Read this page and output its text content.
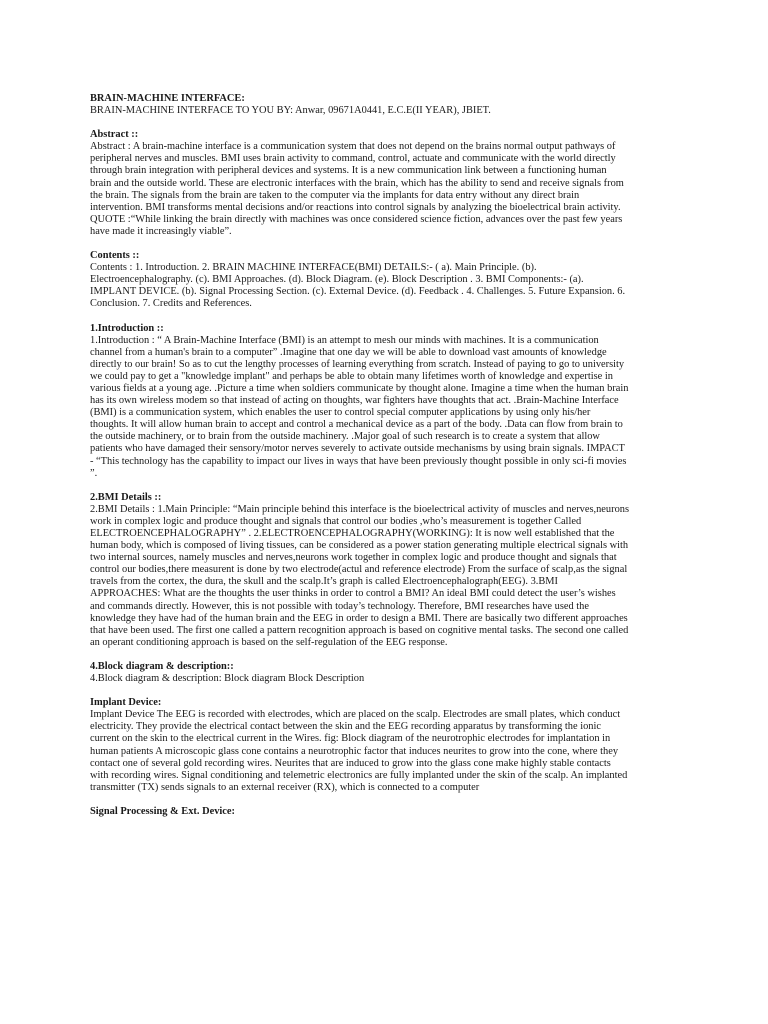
BRAIN-MACHINE INTERFACE:
BRAIN-MACHINE INTERFACE TO YOU BY: Anwar, 09671A0441, E.C.E(II YEAR), JBIET.
Abstract ::
Abstract : A brain-machine interface is a communication system that does not depend on the brains normal output pathways of
peripheral nerves and muscles. BMI uses brain activity to command, control, actuate and communicate with the world directly
through brain integration with peripheral devices and systems. It is a new communication link between a functioning human
brain and the outside world. These are electronic interfaces with the brain, which has the ability to send and receive signals from
the brain. The signals from the brain are taken to the computer via the implants for data entry without any direct brain
intervention. BMI transforms mental decisions and/or reactions into control signals by analyzing the bioelectrical brain activity.
QUOTE :“While linking the brain directly with machines was once considered science fiction, advances over the past few years
have made it increasingly viable”.
Contents ::
Contents : 1. Introduction. 2. BRAIN MACHINE INTERFACE(BMI) DETAILS:- ( a). Main Principle. (b).
Electroencephalography. (c). BMI Approaches. (d). Block Diagram. (e). Block Description . 3. BMI Components:- (a).
IMPLANT DEVICE. (b). Signal Processing Section. (c). External Device. (d). Feedback . 4. Challenges. 5. Future Expansion. 6.
Conclusion. 7. Credits and References.
1.Introduction ::
1.Introduction : “ A Brain-Machine Interface (BMI) is an attempt to mesh our minds with machines. It is a communication
channel from a human's brain to a computer” .Imagine that one day we will be able to download vast amounts of knowledge
directly to our brain! So as to cut the lengthy processes of learning everything from scratch. Instead of paying to go to university
we could pay to get a "knowledge implant" and perhaps be able to obtain many lifetimes worth of knowledge and expertise in
various fields at a young age. .Picture a time when soldiers communicate by thought alone. Imagine a time when the human brain
has its own wireless modem so that instead of acting on thoughts, war fighters have thoughts that act. .Brain-Machine Interface
(BMI) is a communication system, which enables the user to control special computer applications by using only his/her
thoughts. It will allow human brain to accept and control a mechanical device as a part of the body. .Data can flow from brain to
the outside machinery, or to brain from the outside machinery. .Major goal of such research is to create a system that allow
patients who have damaged their sensory/motor nerves severely to activate outside mechanisms by using brain signals. IMPACT
- “This technology has the capability to impact our lives in ways that have been previously thought possible in only sci-fi movies
”.
2.BMI Details ::
2.BMI Details : 1.Main Principle: “Main principle behind this interface is the bioelectrical activity of muscles and nerves,neurons
work in complex logic and produce thought and signals that control our bodies ,who’s measurement is together Called
ELECTROENCEPHALOGRAPHY” . 2.ELECTROENCEPHALOGRAPHY(WORKING): It is now well established that the
human body, which is composed of living tissues, can be considered as a power station generating multiple electrical signals with
two internal sources, namely muscles and nerves,neurons work together in complex logic and produce thought and signals that
control our bodies,there measurent is done by two electrode(actul and reference electrode) From the surface of scalp,as the signal
travels from the cortex, the dura, the skull and the scalp.It’s graph is called Electroencephalograph(EEG). 3.BMI
APPROACHES: What are the thoughts the user thinks in order to control a BMI? An ideal BMI could detect the user’s wishes
and commands directly. However, this is not possible with today’s technology. Therefore, BMI researches have used the
knowledge they have had of the human brain and the EEG in order to design a BMI. There are basically two different approaches
that have been used. The first one called a pattern recognition approach is based on cognitive mental tasks. The second one called
an operant conditioning approach is based on the self-regulation of the EEG response.
4.Block diagram & description::
4.Block diagram & description: Block diagram Block Description
Implant Device:
Implant Device The EEG is recorded with electrodes, which are placed on the scalp. Electrodes are small plates, which conduct
electricity. They provide the electrical contact between the skin and the EEG recording apparatus by transforming the ionic
current on the skin to the electrical current in the Wires. fig: Block diagram of the neurotrophic electrodes for implantation in
human patients A microscopic glass cone contains a neurotrophic factor that induces neurites to grow into the cone, where they
contact one of several gold recording wires. Neurites that are induced to grow into the glass cone make highly stable contacts
with recording wires. Signal conditioning and telemetric electronics are fully implanted under the skin of the scalp. An implanted
transmitter (TX) sends signals to an external receiver (RX), which is connected to a computer
Signal Processing & Ext. Device:
